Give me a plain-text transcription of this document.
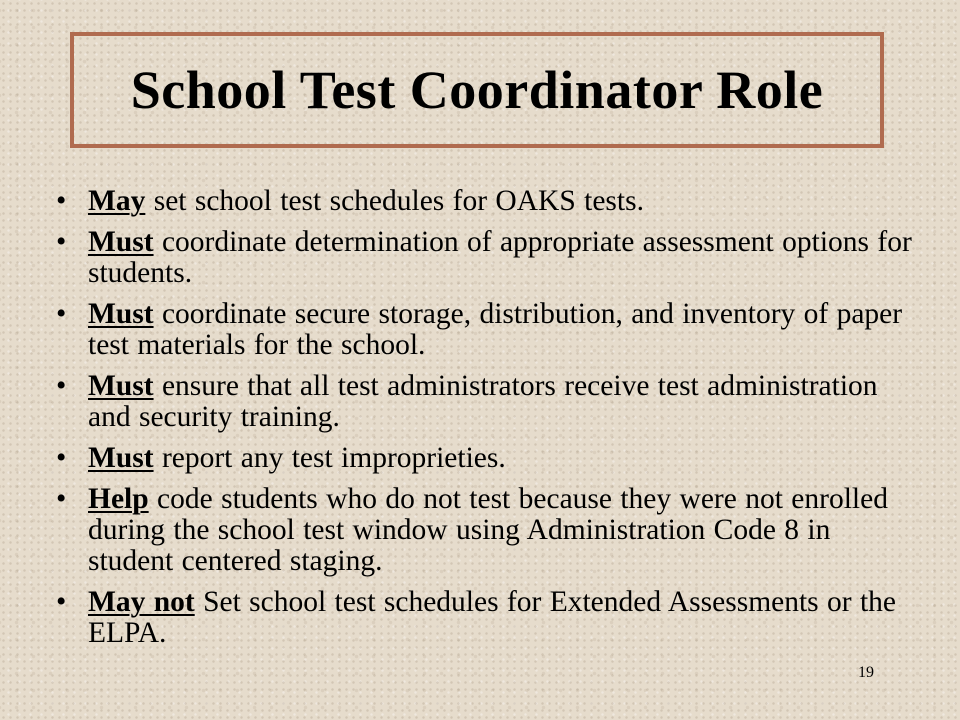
School Test Coordinator Role
• May set school test schedules for OAKS tests.
• Must coordinate determination of appropriate assessment options for students.
• Must coordinate secure storage, distribution, and inventory of paper test materials for the school.
• Must ensure that all test administrators receive test administration and security training.
• Must report any test improprieties.
• Help code students who do not test because they were not enrolled during the school test window using Administration Code 8 in student centered staging.
• May not Set school test schedules for Extended Assessments or the ELPA.
19
